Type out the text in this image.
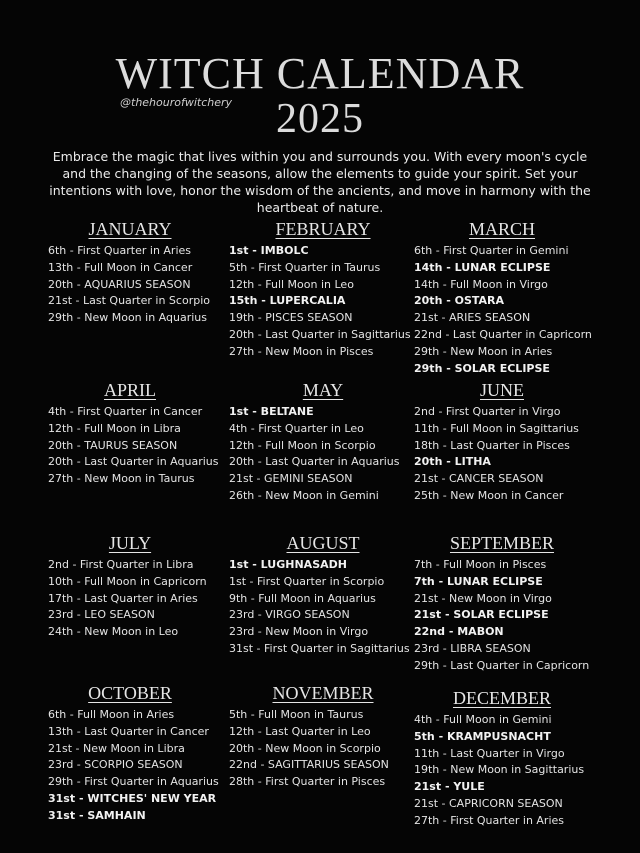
WITCH CALENDAR
2025
@thehourofwitchery
Embrace the magic that lives within you and surrounds you. With every moon's cycle and the changing of the seasons, allow the elements to guide your spirit. Set your intentions with love, honor the wisdom of the ancients, and move in harmony with the heartbeat of nature.
JANUARY
6th - First Quarter in Aries
13th - Full Moon in Cancer
20th - AQUARIUS SEASON
21st - Last Quarter in Scorpio
29th - New Moon in Aquarius
FEBRUARY
1st - IMBOLC
5th - First Quarter in Taurus
12th - Full Moon in Leo
15th - LUPERCALIA
19th - PISCES SEASON
20th - Last Quarter in Sagittarius
27th - New Moon in Pisces
MARCH
6th - First Quarter in Gemini
14th - LUNAR ECLIPSE
14th - Full Moon in Virgo
20th - OSTARA
21st - ARIES SEASON
22nd - Last Quarter in Capricorn
29th - New Moon in Aries
29th - SOLAR ECLIPSE
APRIL
4th - First Quarter in Cancer
12th - Full Moon in Libra
20th - TAURUS SEASON
20th - Last Quarter in Aquarius
27th - New Moon in Taurus
MAY
1st - BELTANE
4th - First Quarter in Leo
12th - Full Moon in Scorpio
20th - Last Quarter in Aquarius
21st - GEMINI SEASON
26th - New Moon in Gemini
JUNE
2nd - First Quarter in Virgo
11th - Full Moon in Sagittarius
18th - Last Quarter in Pisces
20th - LITHA
21st - CANCER SEASON
25th - New Moon in Cancer
JULY
2nd - First Quarter in Libra
10th - Full Moon in Capricorn
17th - Last Quarter in Aries
23rd - LEO SEASON
24th - New Moon in Leo
AUGUST
1st - LUGHNASADH
1st - First Quarter in Scorpio
9th - Full Moon in Aquarius
23rd - VIRGO SEASON
23rd - New Moon in Virgo
31st - First Quarter in Sagittarius
SEPTEMBER
7th - Full Moon in Pisces
7th - LUNAR ECLIPSE
21st - New Moon in Virgo
21st - SOLAR ECLIPSE
22nd - MABON
23rd - LIBRA SEASON
29th - Last Quarter in Capricorn
OCTOBER
6th - Full Moon in Aries
13th - Last Quarter in Cancer
21st - New Moon in Libra
23rd - SCORPIO SEASON
29th - First Quarter in Aquarius
31st - WITCHES' NEW YEAR
31st - SAMHAIN
NOVEMBER
5th - Full Moon in Taurus
12th - Last Quarter in Leo
20th - New Moon in Scorpio
22nd - SAGITTARIUS SEASON
28th - First Quarter in Pisces
DECEMBER
4th - Full Moon in Gemini
5th - KRAMPUSNACHT
11th - Last Quarter in Virgo
19th - New Moon in Sagittarius
21st - YULE
21st - CAPRICORN SEASON
27th - First Quarter in Aries
